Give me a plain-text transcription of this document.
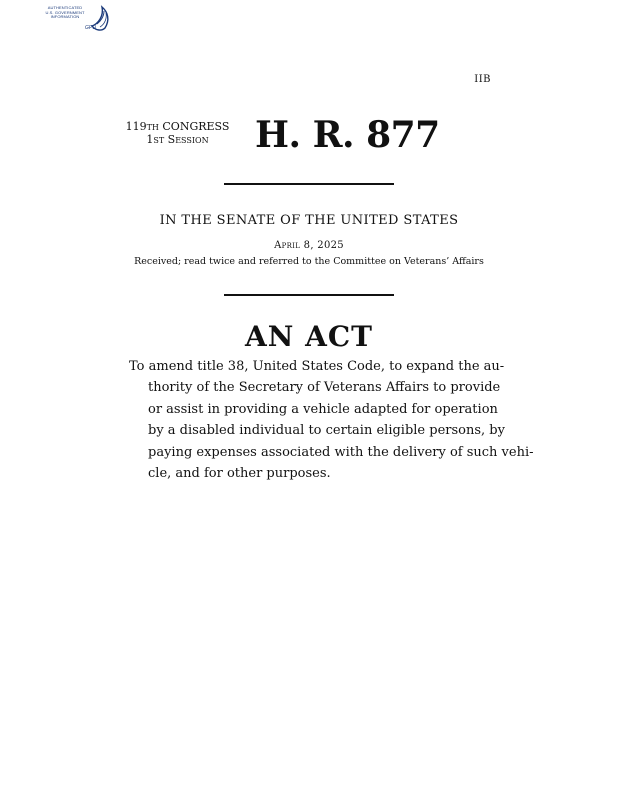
AUTHENTICATED
U.S. GOVERNMENT
INFORMATION
GPO
IIB
119th CONGRESS
1st Session	H. R. 877
IN THE SENATE OF THE UNITED STATES
April 8, 2025
Received; read twice and referred to the Committee on Veterans’ Affairs
AN ACT
To amend title 38, United States Code, to expand the au-
thority of the Secretary of Veterans Affairs to provide
or assist in providing a vehicle adapted for operation
by a disabled individual to certain eligible persons, by
paying expenses associated with the delivery of such vehi-
cle, and for other purposes.
